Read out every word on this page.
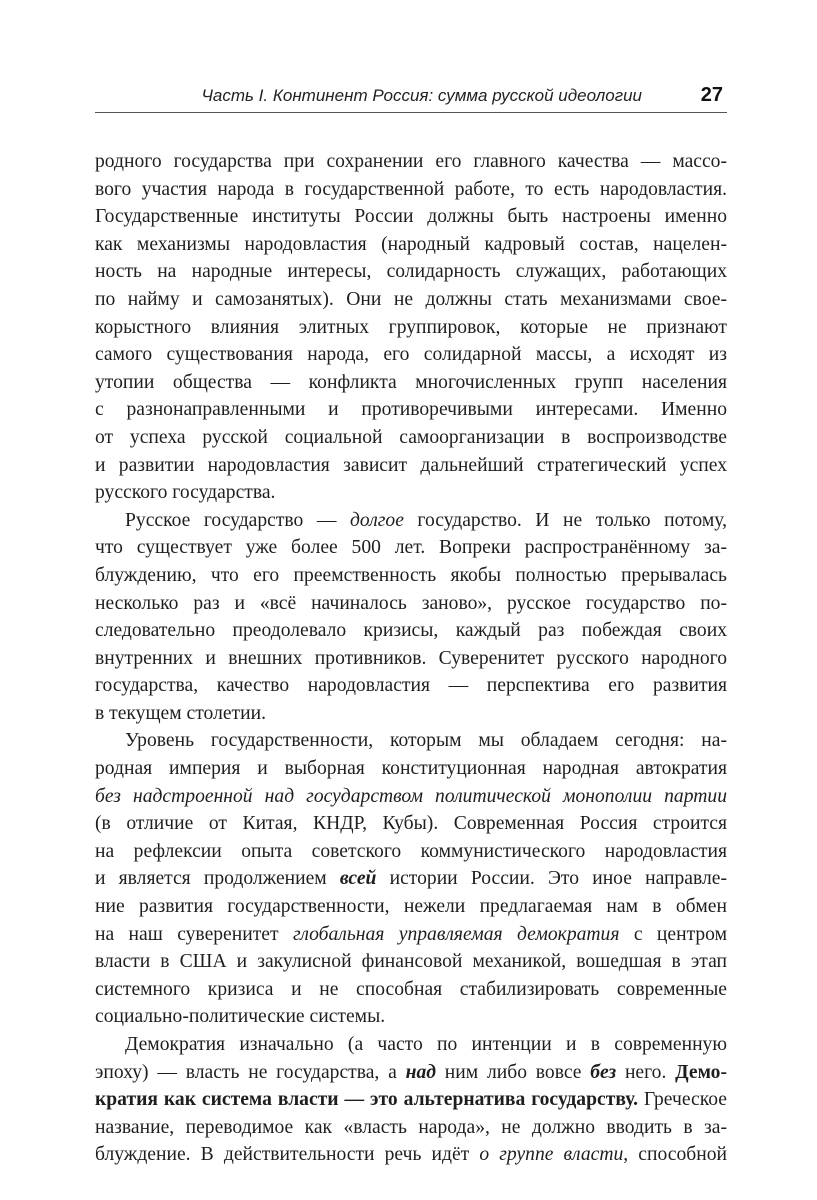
Часть I. Континент Россия: сумма русской идеологии	27
родного государства при сохранении его главного качества — массо-
вого участия народа в государственной работе, то есть народовластия.
Государственные институты России должны быть настроены именно
как механизмы народовластия (народный кадровый состав, нацелен-
ность на народные интересы, солидарность служащих, работающих
по найму и самозанятых). Они не должны стать механизмами свое-
корыстного влияния элитных группировок, которые не признают
самого существования народа, его солидарной массы, а исходят из
утопии общества — конфликта многочисленных групп населения
с разнонаправленными и противоречивыми интересами. Именно
от успеха русской социальной самоорганизации в воспроизводстве
и развитии народовластия зависит дальнейший стратегический успех
русского государства.
Русское государство — долгое государство. И не только потому,
что существует уже более 500 лет. Вопреки распространённому за-
блуждению, что его преемственность якобы полностью прерывалась
несколько раз и «всё начиналось заново», русское государство по-
следовательно преодолевало кризисы, каждый раз побеждая своих
внутренних и внешних противников. Суверенитет русского народного
государства, качество народовластия — перспектива его развития
в текущем столетии.
Уровень государственности, которым мы обладаем сегодня: на-
родная империя и выборная конституционная народная автократия
без надстроенной над государством политической монополии партии
(в отличие от Китая, КНДР, Кубы). Современная Россия строится
на рефлексии опыта советского коммунистического народовластия
и является продолжением всей истории России. Это иное направле-
ние развития государственности, нежели предлагаемая нам в обмен
на наш суверенитет глобальная управляемая демократия с центром
власти в США и закулисной финансовой механикой, вошедшая в этап
системного кризиса и не способная стабилизировать современные
социально-политические системы.
Демократия изначально (а часто по интенции и в современную
эпоху) — власть не государства, а над ним либо вовсе без него. Демо-
кратия как система власти — это альтернатива государству. Греческое
название, переводимое как «власть народа», не должно вводить в за-
блуждение. В действительности речь идёт о группе власти, способной
